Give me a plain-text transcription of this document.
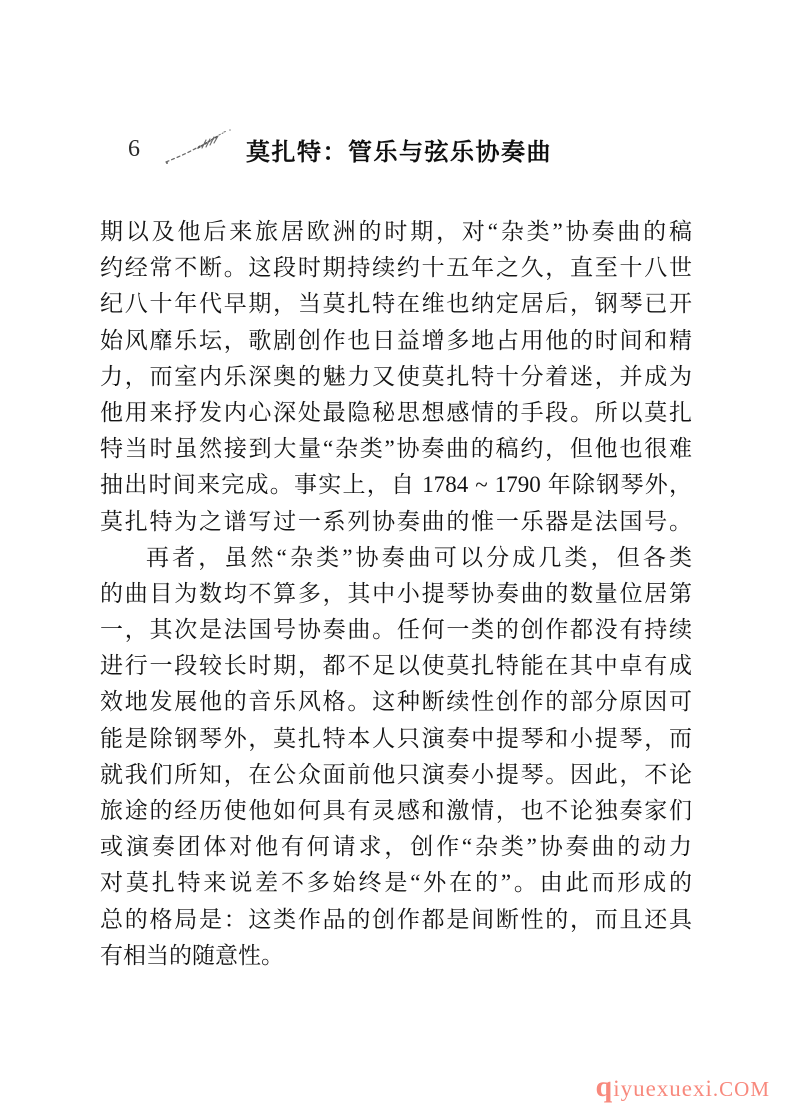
6	莫扎特：管乐与弦乐协奏曲

期以及他后来旅居欧洲的时期，对“杂类”协奏曲的稿
约经常不断。这段时期持续约十五年之久，直至十八世
纪八十年代早期，当莫扎特在维也纳定居后，钢琴已开
始风靡乐坛，歌剧创作也日益增多地占用他的时间和精
力，而室内乐深奥的魅力又使莫扎特十分着迷，并成为
他用来抒发内心深处最隐秘思想感情的手段。所以莫扎
特当时虽然接到大量“杂类”协奏曲的稿约，但他也很难
抽出时间来完成。事实上，自 1784 ~ 1790 年除钢琴外，
莫扎特为之谱写过一系列协奏曲的惟一乐器是法国号。

再者，虽然“杂类”协奏曲可以分成几类，但各类
的曲目为数均不算多，其中小提琴协奏曲的数量位居第
一，其次是法国号协奏曲。任何一类的创作都没有持续
进行一段较长时期，都不足以使莫扎特能在其中卓有成
效地发展他的音乐风格。这种断续性创作的部分原因可
能是除钢琴外，莫扎特本人只演奏中提琴和小提琴，而
就我们所知，在公众面前他只演奏小提琴。因此，不论
旅途的经历使他如何具有灵感和激情，也不论独奏家们
或演奏团体对他有何请求，创作“杂类”协奏曲的动力
对莫扎特来说差不多始终是“外在的”。由此而形成的
总的格局是：这类作品的创作都是间断性的，而且还具
有相当的随意性。

qiyuexuexi.COM
